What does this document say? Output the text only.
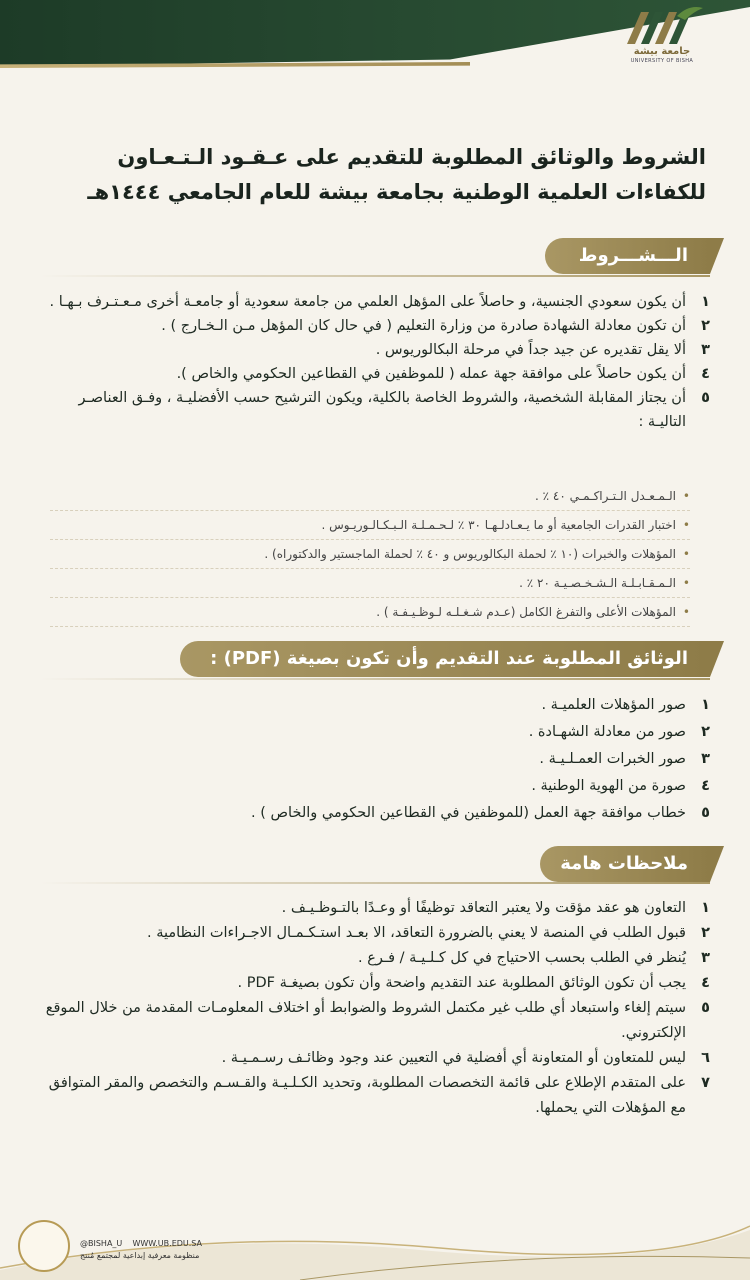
جامعة بيشة
UNIVERSITY OF BISHA
الشروط والوثائق المطلوبة للتقديم على عـقـود الـتـعـاون
للكفاءات العلمية الوطنية بجامعة بيشة للعام الجامعي ١٤٤٤هـ
الـــشـــروط
١
أن يكون سعودي الجنسية، و حاصلاً على المؤهل العلمي من جامعة سعودية أو جامعـة أخرى مـعـتـرف بـهـا .
٢
أن تكون معادلة الشهادة صادرة من وزارة التعليم ( في حال كان المؤهل مـن الـخـارج ) .
٣
ألا يقل تقديره عن جيد جداً في مرحلة البكالوريوس .
٤
أن يكون حاصلاً على موافقة جهة عمله ( للموظفين في القطاعين الحكومي والخاص ).
٥
أن يجتاز المقابلة الشخصية، والشروط الخاصة بالكلية، ويكون الترشيح حسب الأفضليـة ، وفـق العناصـر التاليـة :
• الـمـعـدل الـتـراكـمـي ٤٠ ٪ .
• اختبار القدرات الجامعية أو ما يـعـادلـهـا ٣٠ ٪ لـحـمـلـة الـبـكـالـوريـوس .
• المؤهلات والخبرات (١٠ ٪ لحملة البكالوريوس و ٤٠ ٪ لحملة الماجستير والدكتوراه) .
• الـمـقـابـلـة الـشـخـصـيـة ٢٠ ٪ .
• المؤهلات الأعلى والتفرغ الكامل (عـدم شـغـلـه لـوظـيـفـة ) .
الوثائق المطلوبة عند التقديم وأن تكون بصيغة (PDF) :
١
صور المؤهلات العلميـة .
٢
صور من معادلة الشهـادة .
٣
صور الخبرات العمـلـيـة .
٤
صورة من الهوية الوطنية .
٥
خطاب موافقة جهة العمل (للموظفين في القطاعين الحكومي والخاص ) .
ملاحظات هامة
١
التعاون هو عقد مؤقت ولا يعتبر التعاقد توظيفًا أو وعـدًا بالتـوظـيـف .
٢
قبول الطلب في المنصة لا يعني بالضرورة التعاقد، الا بعـد استـكـمـال الاجـراءات النظامية .
٣
يُنظر في الطلب بحسب الاحتياج في كل كـلـيـة / فـرع .
٤
يجب أن تكون الوثائق المطلوبة عند التقديم واضحة وأن تكون بصيغـة PDF .
٥
سيتم إلغاء واستبعاد أي طلب غير مكتمل الشروط والضوابط أو اختلاف المعلومـات المقدمة من خلال الموقع الإلكتروني.
٦
ليس للمتعاون أو المتعاونة أي أفضلية في التعيين عند وجود وظائـف رسـمـيـة .
٧
على المتقدم الإطلاع على قائمة التخصصات المطلوبة، وتحديد الكـلـيـة والقـسـم والتخصص والمقر المتوافق مع المؤهلات التي يحملها.
@BISHA_U WWW.UB.EDU.SA
منظومة معرفية إبداعية لمجتمع مُنتج
